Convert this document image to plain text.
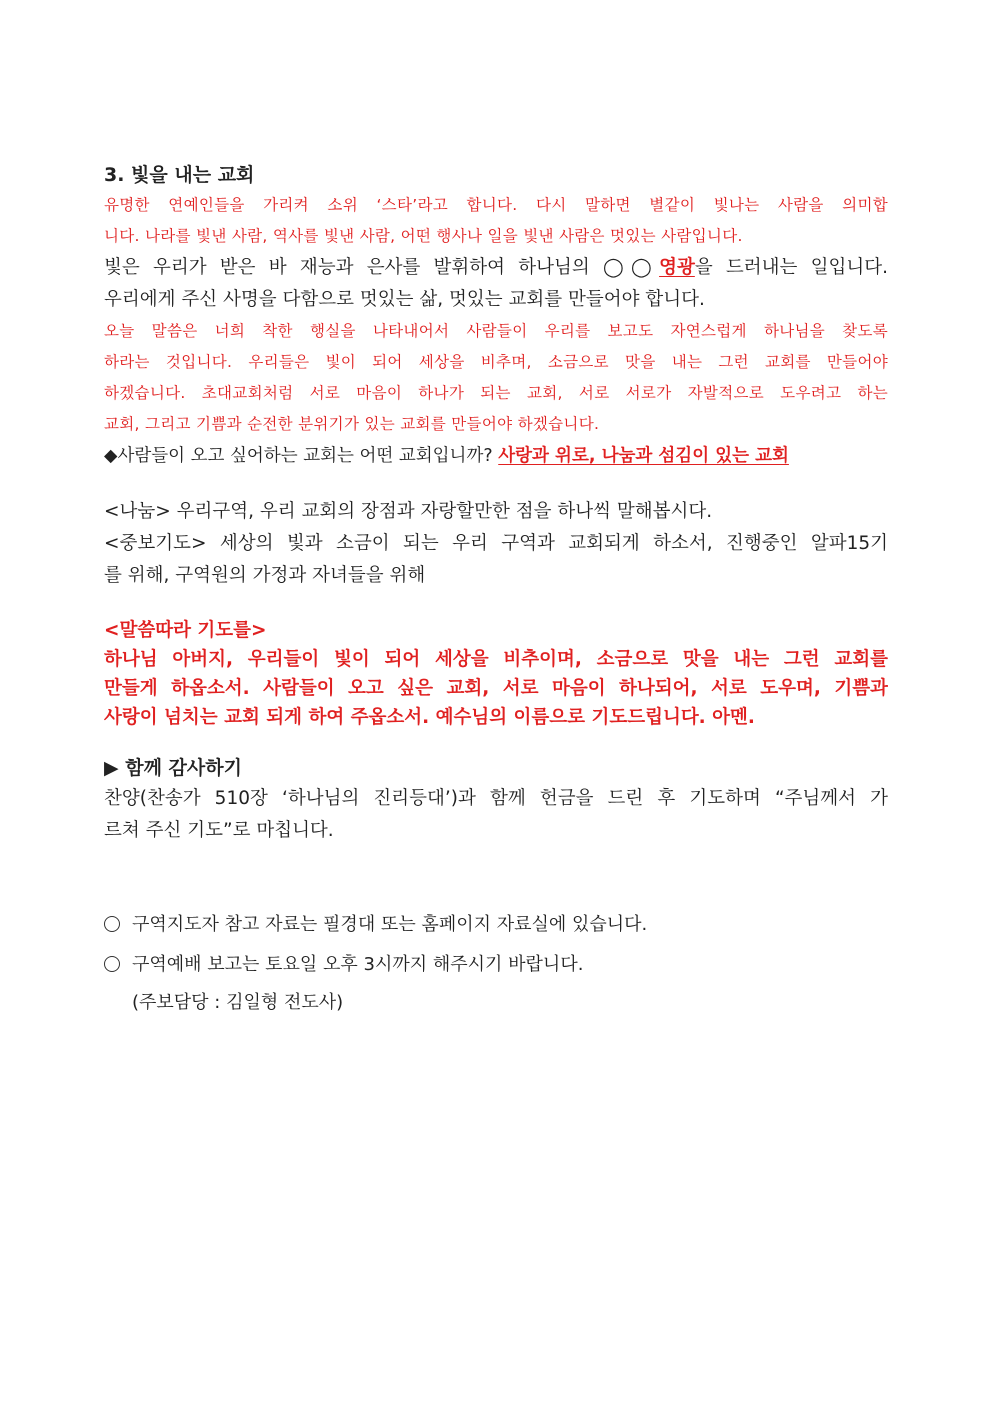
3. 빛을 내는 교회
유명한 연예인들을 가리켜 소위 ‘스타’라고 합니다. 다시 말하면 별같이 빛나는 사람을 의미합
니다. 나라를 빛낸 사람, 역사를 빛낸 사람, 어떤 행사나 일을 빛낸 사람은 멋있는 사람입니다.
빛은 우리가 받은 바 재능과 은사를 발휘하여 하나님의 ◯◯영광을 드러내는 일입니다.
우리에게 주신 사명을 다함으로 멋있는 삶, 멋있는 교회를 만들어야 합니다.
오늘 말씀은 너희 착한 행실을 나타내어서 사람들이 우리를 보고도 자연스럽게 하나님을 찾도록
하라는 것입니다. 우리들은 빛이 되어 세상을 비추며, 소금으로 맛을 내는 그런 교회를 만들어야
하겠습니다. 초대교회처럼 서로 마음이 하나가 되는 교회, 서로 서로가 자발적으로 도우려고 하는
교회, 그리고 기쁨과 순전한 분위기가 있는 교회를 만들어야 하겠습니다.
◆사람들이 오고 싶어하는 교회는 어떤 교회입니까? 사랑과 위로, 나눔과 섬김이 있는 교회
<나눔> 우리구역, 우리 교회의 장점과 자랑할만한 점을 하나씩 말해봅시다.
<중보기도> 세상의 빛과 소금이 되는 우리 구역과 교회되게 하소서, 진행중인 알파15기
를 위해, 구역원의 가정과 자녀들을 위해
<말씀따라 기도를>
하나님 아버지, 우리들이 빛이 되어 세상을 비추이며, 소금으로 맛을 내는 그런 교회를
만들게 하옵소서. 사람들이 오고 싶은 교회, 서로 마음이 하나되어, 서로 도우며, 기쁨과
사랑이 넘치는 교회 되게 하여 주옵소서. 예수님의 이름으로 기도드립니다. 아멘.
▶ 함께 감사하기
찬양(찬송가 510장 ‘하나님의 진리등대’)과 함께 헌금을 드린 후 기도하며 “주님께서 가
르쳐 주신 기도”로 마칩니다.
구역지도자 참고 자료는 필경대 또는 홈페이지 자료실에 있습니다.
구역예배 보고는 토요일 오후 3시까지 해주시기 바랍니다.
(주보담당 : 김일형 전도사)
